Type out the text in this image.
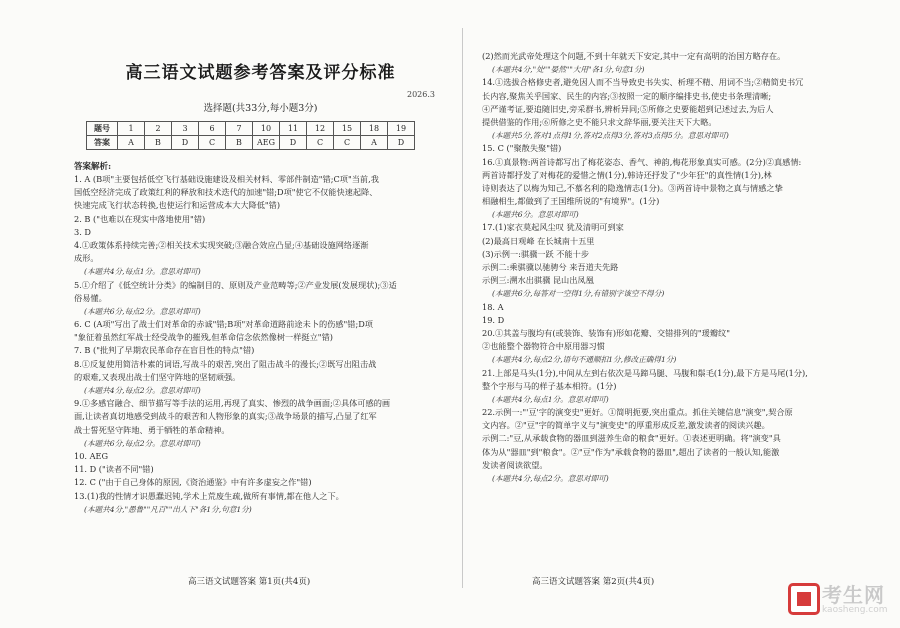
高三语文试题参考答案及评分标准
2026.3
选择题(共33分,每小题3分)
题号	1	2	3	6	7	10	11	12	15	18	19
答案	A	B	D	C	B	AEG	D	C	C	A	D
答案解析:
1. A (B项"主要包括低空飞行基础设施建设及相关材料、零部件制造"错;C项"当前,我
国低空经济完成了政策红利的释放和技术迭代的加速"错;D项"使它不仅能快速起降、
快速完成飞行状态转换,也使运行和运营成本大大降低"错)
2. B ("也难以在现实中落地使用"错)
3. D
4.①政策体系持续完善;②相关技术实现突破;③融合效应凸显;④基础设施网络逐渐
成形。
(本题共4分,每点1分。意思对即可)
5.①介绍了《低空统计分类》的编制目的、原则及产业范畴等;②产业发展(发展现状);③适
俗易懂。
(本题共6分,每点2分。意思对即可)
6. C (A项"写出了战士们对革命的赤诚"错;B项"对革命道路前途未卜的伤感"错;D项
"象征着虽然红军战士经受战争的摧残,但革命信念依然像树一样挺立"错)
7. B ("批判了早期农民革命存在盲目性的特点"错)
8.①反复使用简洁朴素的词语,写战斗的艰苦,突出了阻击战斗的漫长;②既写出阻击战
的艰难,又表现出战士们坚守阵地的坚韧顽强。
(本题共4分,每点2分。意思对即可)
9.①多感官融合、细节描写等手法的运用,再现了真实、惨烈的战争画面;②具体可感的画
面,让读者真切地感受到战斗的艰苦和人物形象的真实;③战争场景的描写,凸显了红军
战士誓死坚守阵地、勇于牺牲的革命精神。
(本题共6分,每点2分。意思对即可)
10. AEG
11. D ("读者不同"错)
12. C ("由于自己身体的原因,《资治通鉴》中有许多虚妄之作"错)
13.(1)我的性情才识愚蠢迟钝,学术上荒废生疏,做所有事情,都在他人之下。
(本题共4分,"愚鲁""凡百""出人下"各1分,句意1分)
高三语文试题答案 第1页(共4页)
(2)然而光武帝处理这个问题,不到十年就天下安定,其中一定有高明的治国方略存在。
(本题共4分,"处""晏然""大用"各1分,句意1分)
14.①选拔合格修史者,避免因人而不当导致史书失实、析理不精、用词不当;②精简史书冗
长内容,聚焦关乎国家、民生的内容;③按照一定的顺序编排史书,使史书条理清晰;
④严谨考证,要追随旧史,旁采群书,辨析异同;⑤所修之史要能超到记述过去,为后人
提供借鉴的作用;⑥所修之史不能只求文辞华丽,要关注天下大略。
(本题共5分,答对1点得1分,答对2点得3分,答对3点得5分。意思对即可)
15. C ("聚散失聚"错)
16.①真景物:两首诗都写出了梅花姿态、香气、神韵,梅花形象真实可感。(2分)②真感情:
两首诗都抒发了对梅花的爱惜之情(1分),韩诗还抒发了"少年狂"的真性情(1分),林
诗则表达了以梅为知己,不慕名利的隐逸情志(1分)。③两首诗中景物之真与情感之挚
相融相生,都做到了王国维所说的"有境界"。(1分)
(本题共6分。意思对即可)
17.(1)家衣莫起风尘叹 犹及清明可到家
(2)最高日观峰 在长城南十五里
(3)示例一:骐骥一跃 不能十步
示例二:乘骐骥以驰骋兮 来吾道夫先路
示例三:溯水出骐骥 昆山出凤凰
(本题共6分,每答对一空得1分,有错别字该空不得分)
18. A
19. D
20.①其盖与腹均有(或装饰、装饰有)形如花瓣、交错排列的"瑗瓣纹"
②也能整个器物符合中原用器习惯
(本题共4分,每点2分,语句不通顺扣1分,修改正确得1分)
21.上部是马头(1分),中间从左到右依次是马蹄马腿、马腹和鬃毛(1分),最下方是马尾(1分),
整个字形与马的样子基本相符。(1分)
(本题共4分,每点1分。意思对即可)
22.示例一:"'豆'字的演变史"更好。①简明扼要,突出重点。抓住关键信息"演变",契合原
文内容。②"豆"字的简单字义与"演变史"的厚重形成反差,激发读者的阅读兴趣。
示例二:"豆,从承载食物的器皿到滋养生命的粮食"更好。①表述更明确。将"演变"具
体为从"器皿"到"粮食"。②"豆"作为"承载食物的器皿",超出了读者的一般认知,能激
发读者阅读欲望。
(本题共4分,每点2分。意思对即可)
高三语文试题答案 第2页(共4页)
考生网
kaosheng.com
